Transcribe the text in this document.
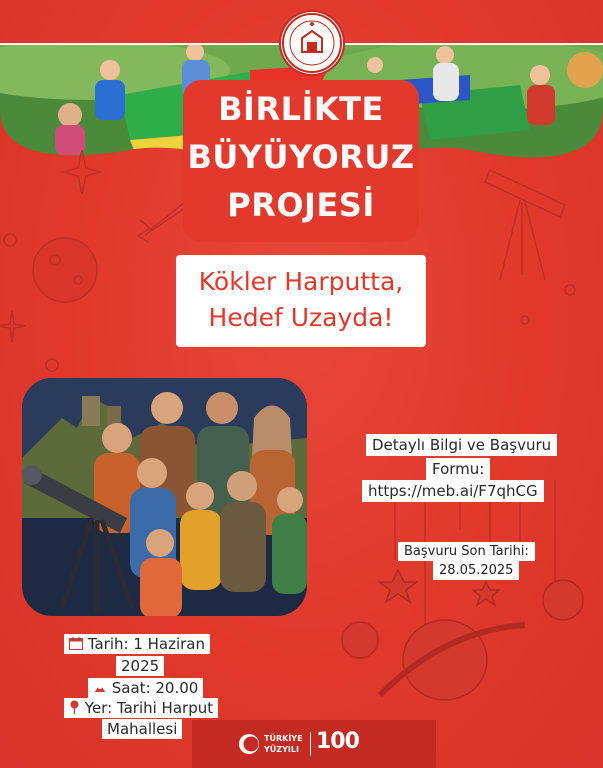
BİRLİKTE
BÜYÜYORUZ
PROJESİ
Kökler Harputta,
Hedef Uzayda!
Detaylı Bilgi ve Başvuru
Formu:
https://meb.ai/F7qhCG
Başvuru Son Tarihi:
28.05.2025
Tarih: 1 Haziran
2025
Saat: 20.00
Yer: Tarihi Harput
Mahallesi
TÜRKİYE
YÜZYILI 100
